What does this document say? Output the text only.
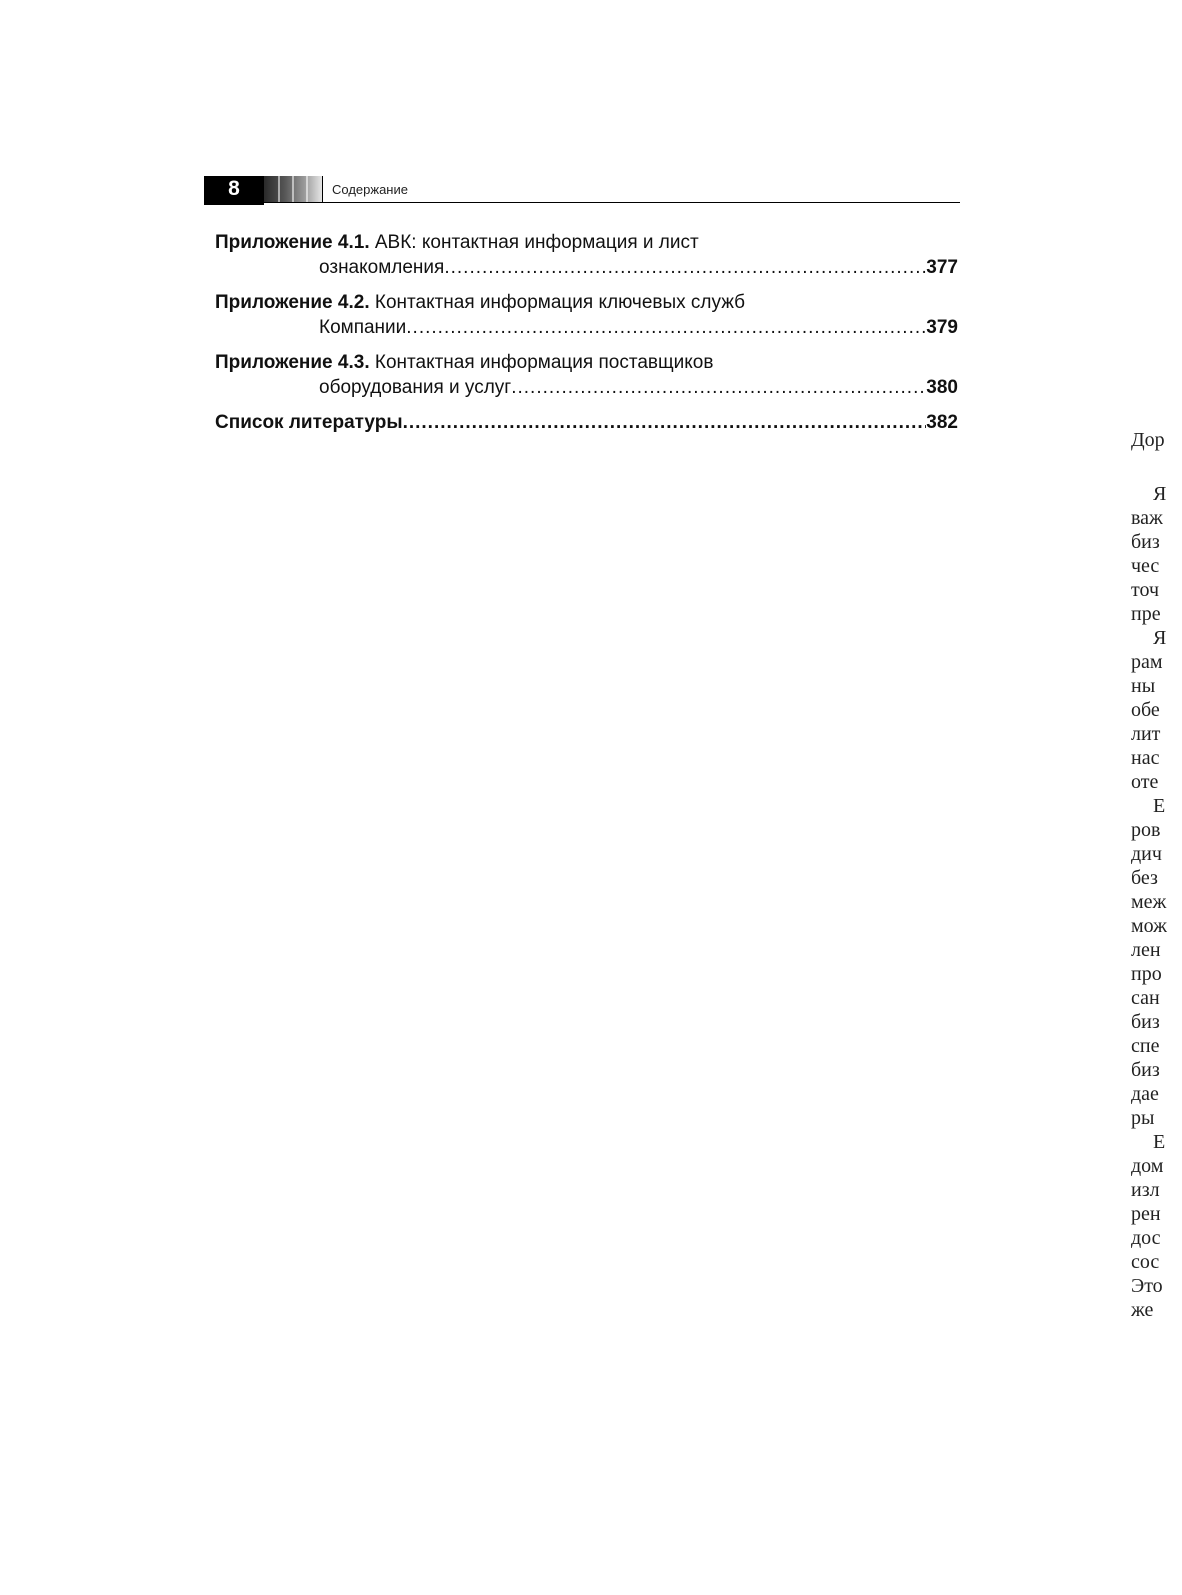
8	Содержание
Приложение 4.1. АВК: контактная информация и лист
ознакомления .....	377
Приложение 4.2. Контактная информация ключевых служб
Компании .....	379
Приложение 4.3. Контактная информация поставщиков
оборудования и услуг .....	380
Список литературы .....	382
Дор
Я
важ
биз
чес
точ
пре
Я
рам
ны
обе
лит
нас
оте
Е
ров
дич
без
меж
мож
лен
про
сан
биз
спе
биз
дае
ры
Е
дом
изл
рен
дос
сос
Это
же
